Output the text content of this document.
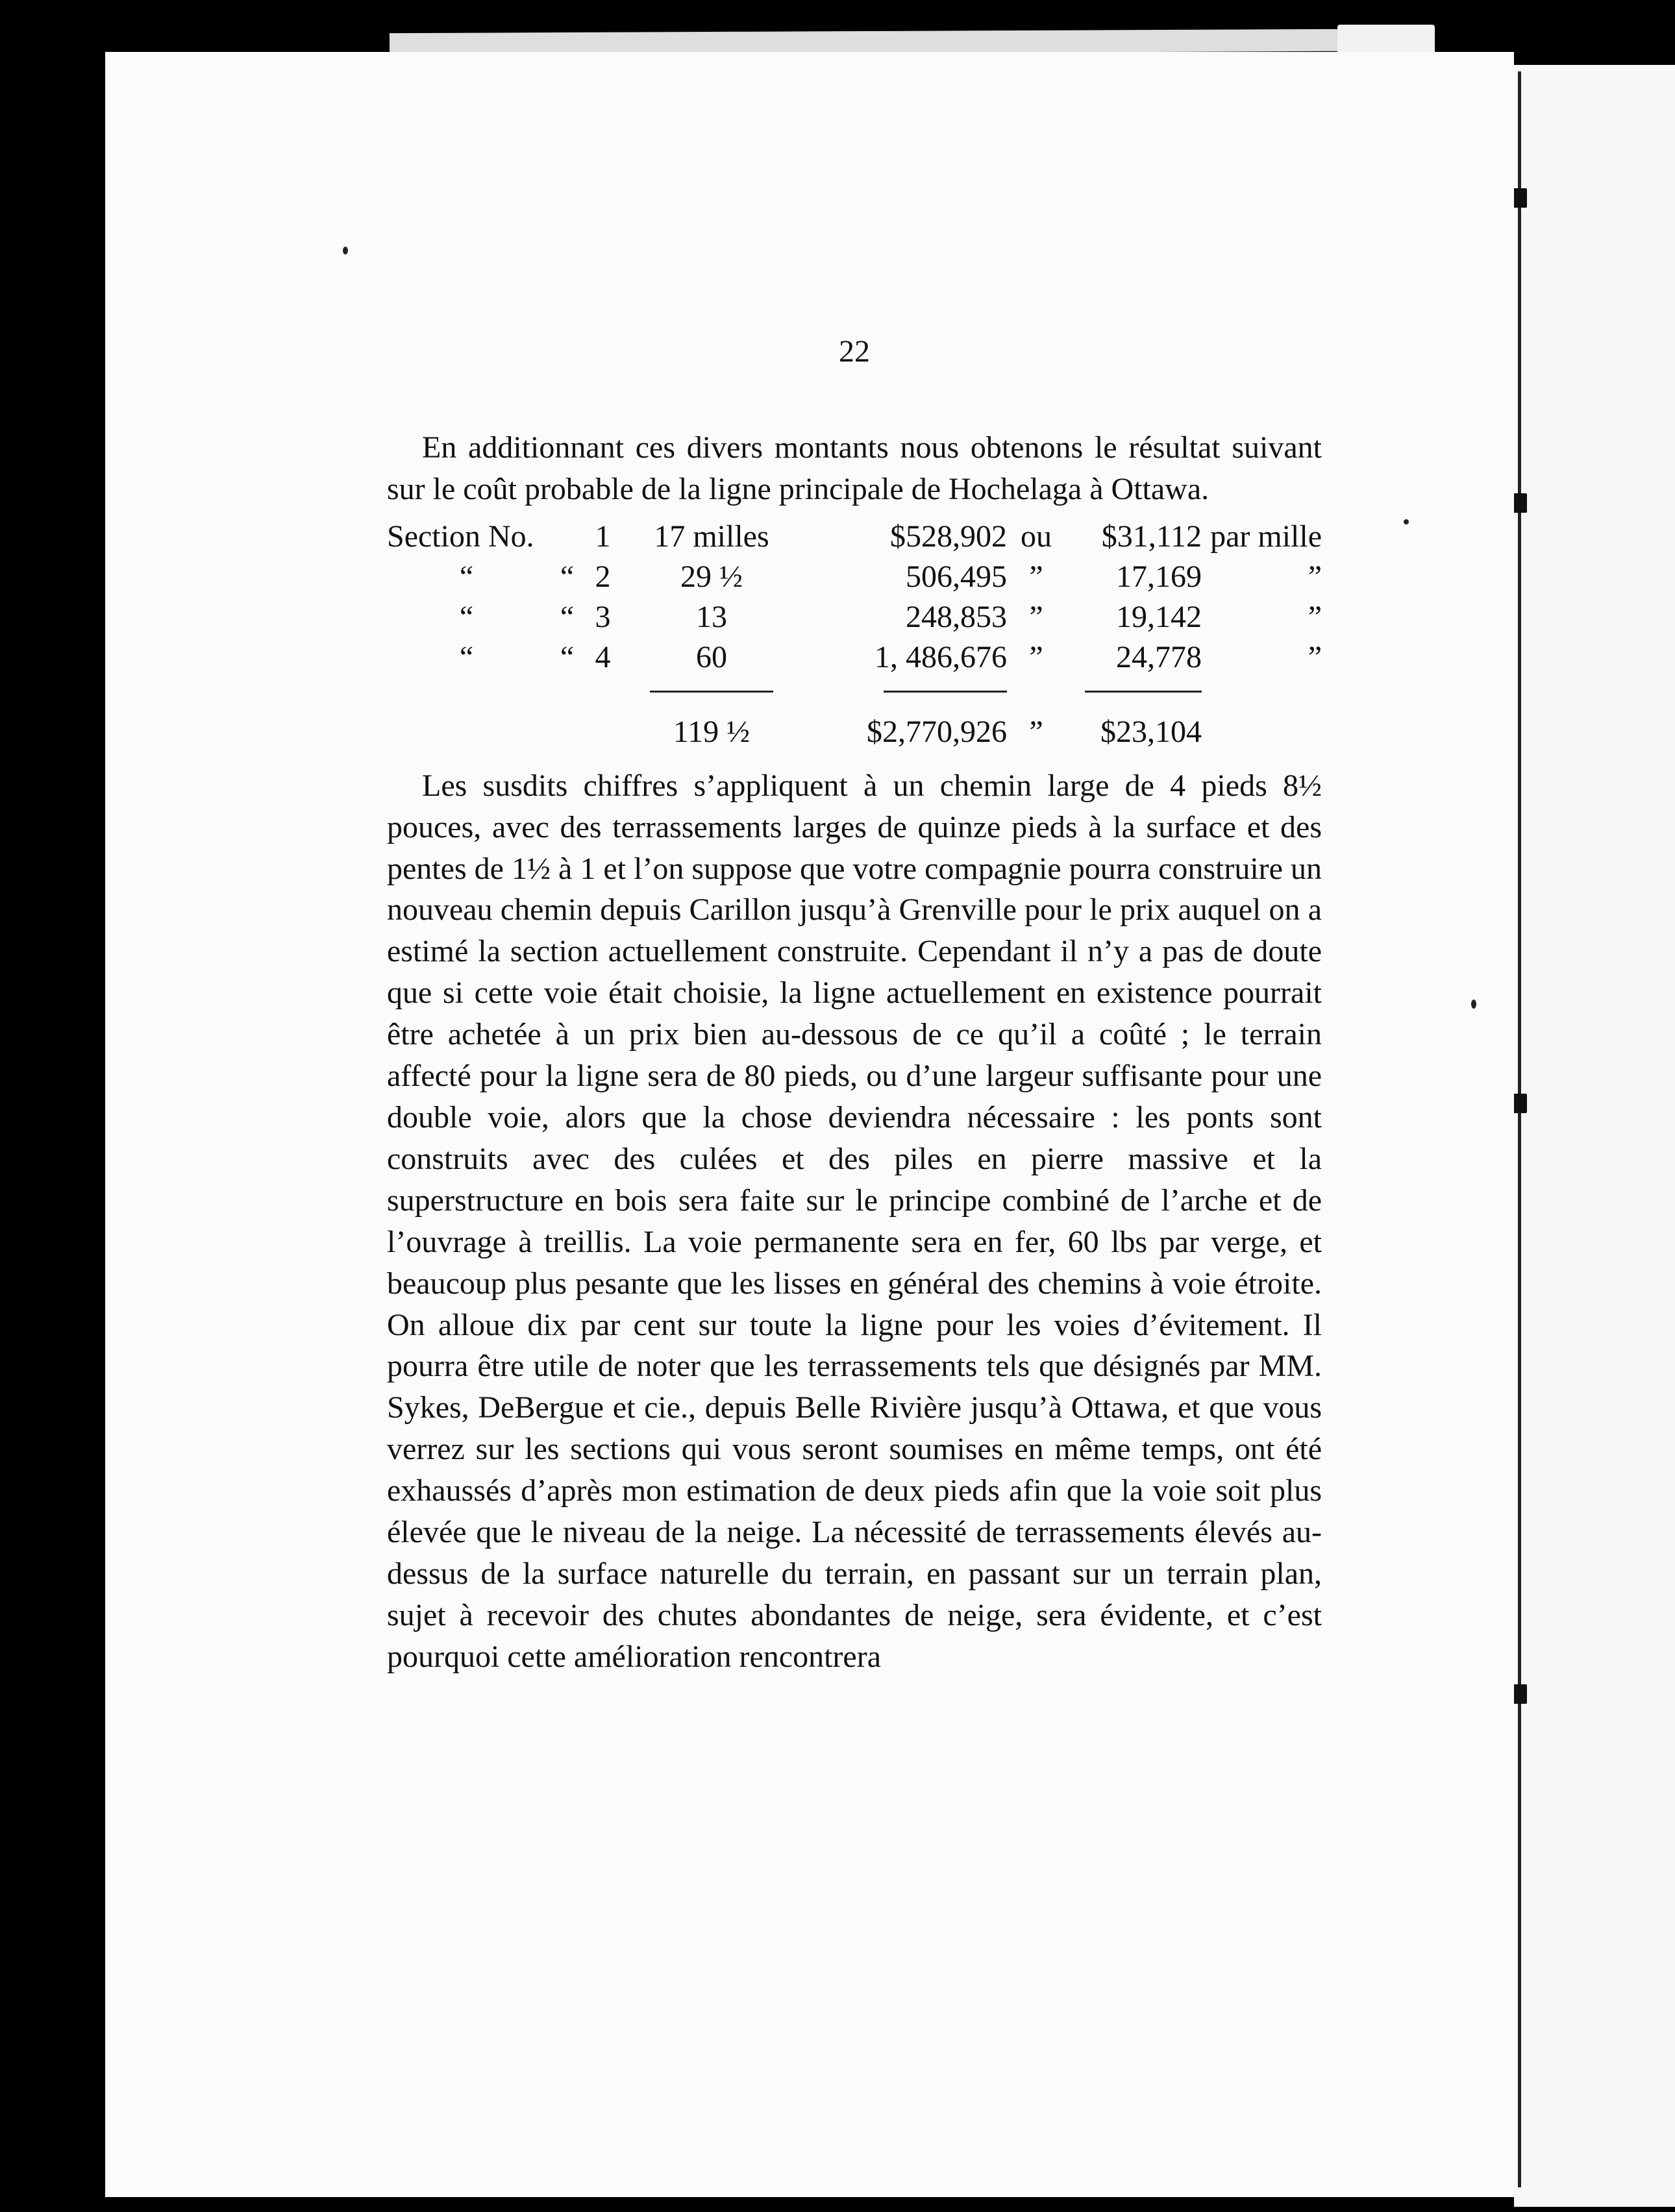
22

En additionnant ces divers montants nous obtenons le résultat suivant sur le coût probable de la ligne principale de Hochelaga à Ottawa.

Section No.		1	17 milles	$528,902	ou	$31,112	par mille
“	“	2	29 ½	506,495	”	17,169	”
“	“	3	13	248,853	”	19,142	”
“	“	4	60	1, 486,676	”	24,778	”

			119 ½	$2,770,926	”	$23,104	

Les susdits chiffres s’appliquent à un chemin large de 4 pieds 8½ pouces, avec des terrassements larges de quinze pieds à la surface et des pentes de 1½ à 1 et l’on suppose que votre compagnie pourra construire un nouveau chemin depuis Carillon jusqu’à Grenville pour le prix auquel on a estimé la section actuellement construite. Cependant il n’y a pas de doute que si cette voie était choisie, la ligne actuellement en existence pourrait être achetée à un prix bien au-dessous de ce qu’il a coûté ; le terrain affecté pour la ligne sera de 80 pieds, ou d’une largeur suffisante pour une double voie, alors que la chose deviendra nécessaire : les ponts sont construits avec des culées et des piles en pierre massive et la superstructure en bois sera faite sur le principe combiné de l’arche et de l’ouvrage à treillis. La voie permanente sera en fer, 60 lbs par verge, et beaucoup plus pesante que les lisses en général des chemins à voie étroite. On alloue dix par cent sur toute la ligne pour les voies d’évitement. Il pourra être utile de noter que les terrassements tels que désignés par MM. Sykes, DeBergue et cie., depuis Belle Rivière jusqu’à Ottawa, et que vous verrez sur les sections qui vous seront soumises en même temps, ont été exhaussés d’après mon estimation de deux pieds afin que la voie soit plus élevée que le niveau de la neige. La nécessité de terrassements élevés au-dessus de la surface naturelle du terrain, en passant sur un terrain plan, sujet à recevoir des chutes abondantes de neige, sera évidente, et c’est pourquoi cette amélioration rencontrera
